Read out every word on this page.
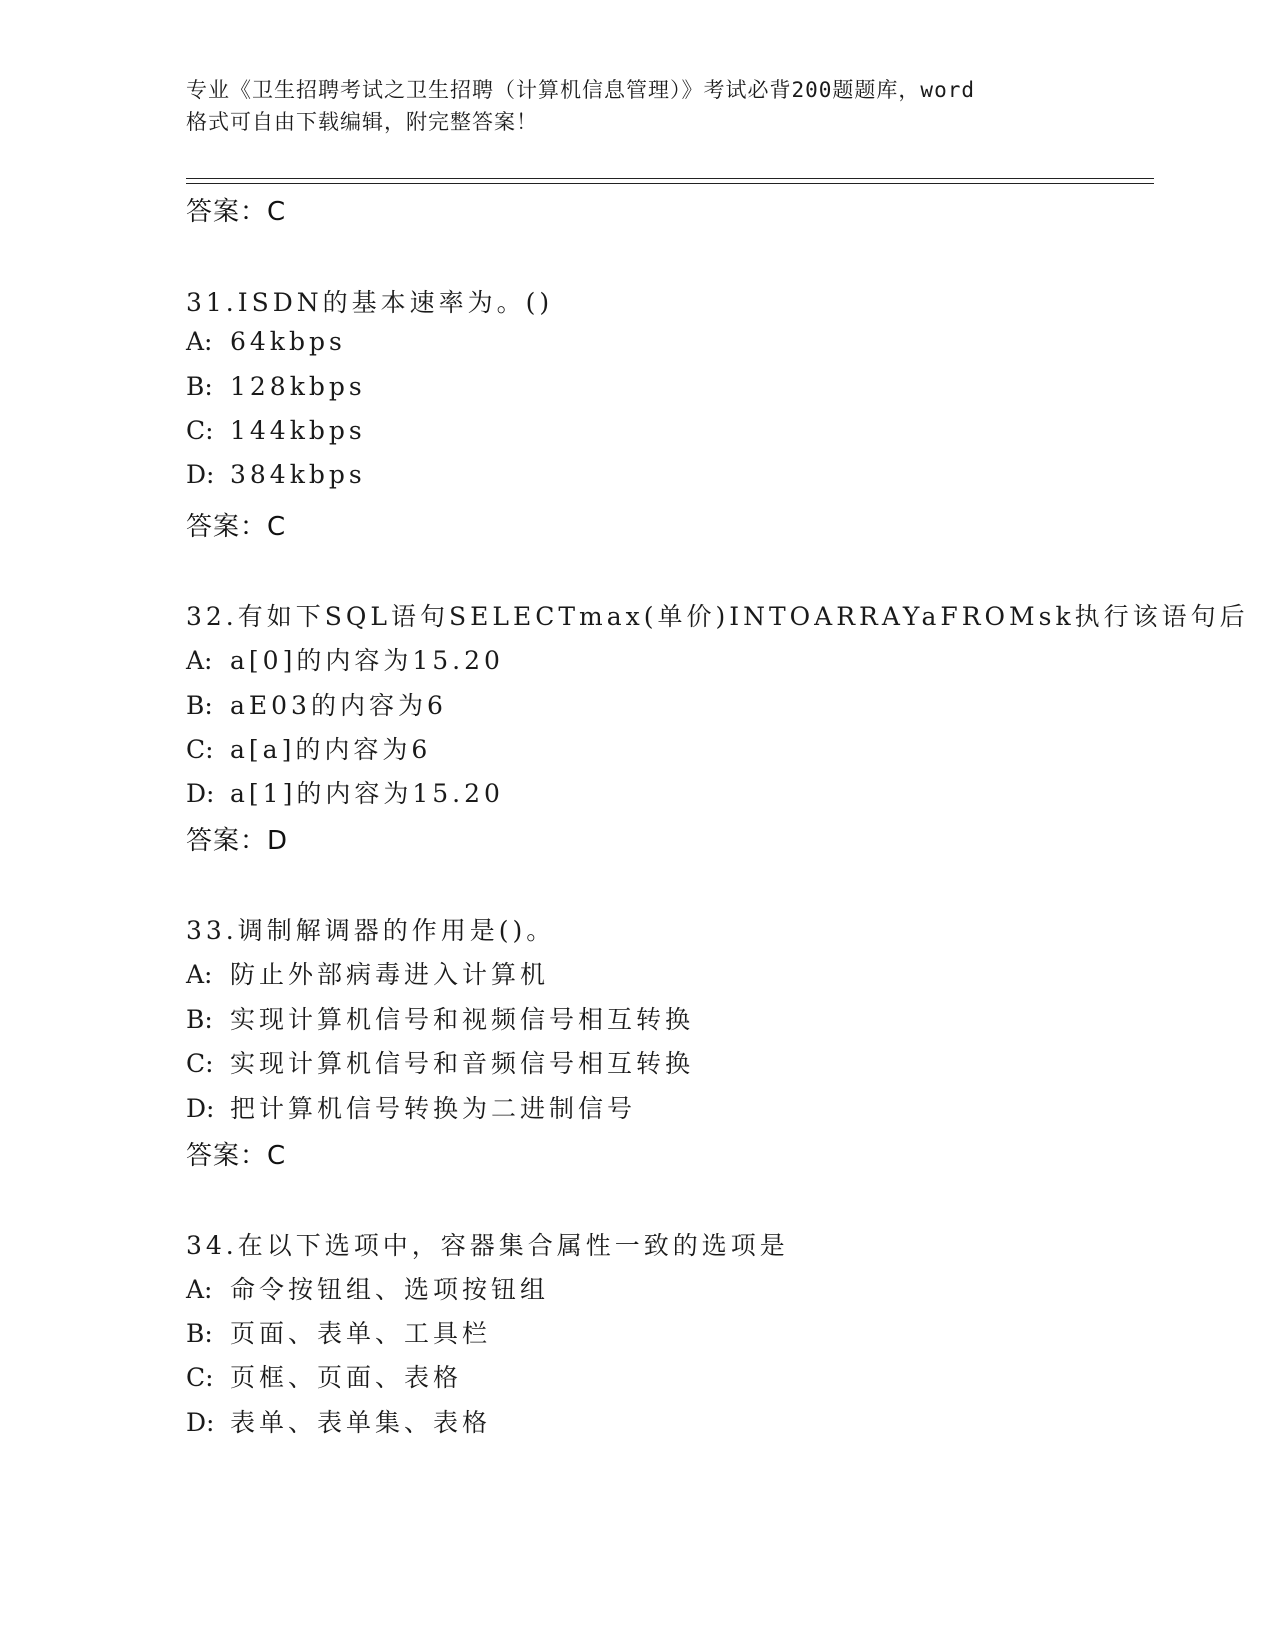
专业《卫生招聘考试之卫生招聘（计算机信息管理）》考试必背200题题库，word
格式可自由下载编辑，附完整答案！
答案：C
31.ISDN的基本速率为。()
A: 64kbps
B: 128kbps
C: 144kbps
D: 384kbps
答案：C
32.有如下SQL语句SELECTmax(单价)INTOARRAYaFROMsk执行该语句后
A: a[0]的内容为15.20
B: aE03的内容为6
C: a[a]的内容为6
D: a[1]的内容为15.20
答案：D
33.调制解调器的作用是()。
A: 防止外部病毒进入计算机
B: 实现计算机信号和视频信号相互转换
C: 实现计算机信号和音频信号相互转换
D: 把计算机信号转换为二进制信号
答案：C
34.在以下选项中，容器集合属性一致的选项是
A: 命令按钮组、选项按钮组
B: 页面、表单、工具栏
C: 页框、页面、表格
D: 表单、表单集、表格
